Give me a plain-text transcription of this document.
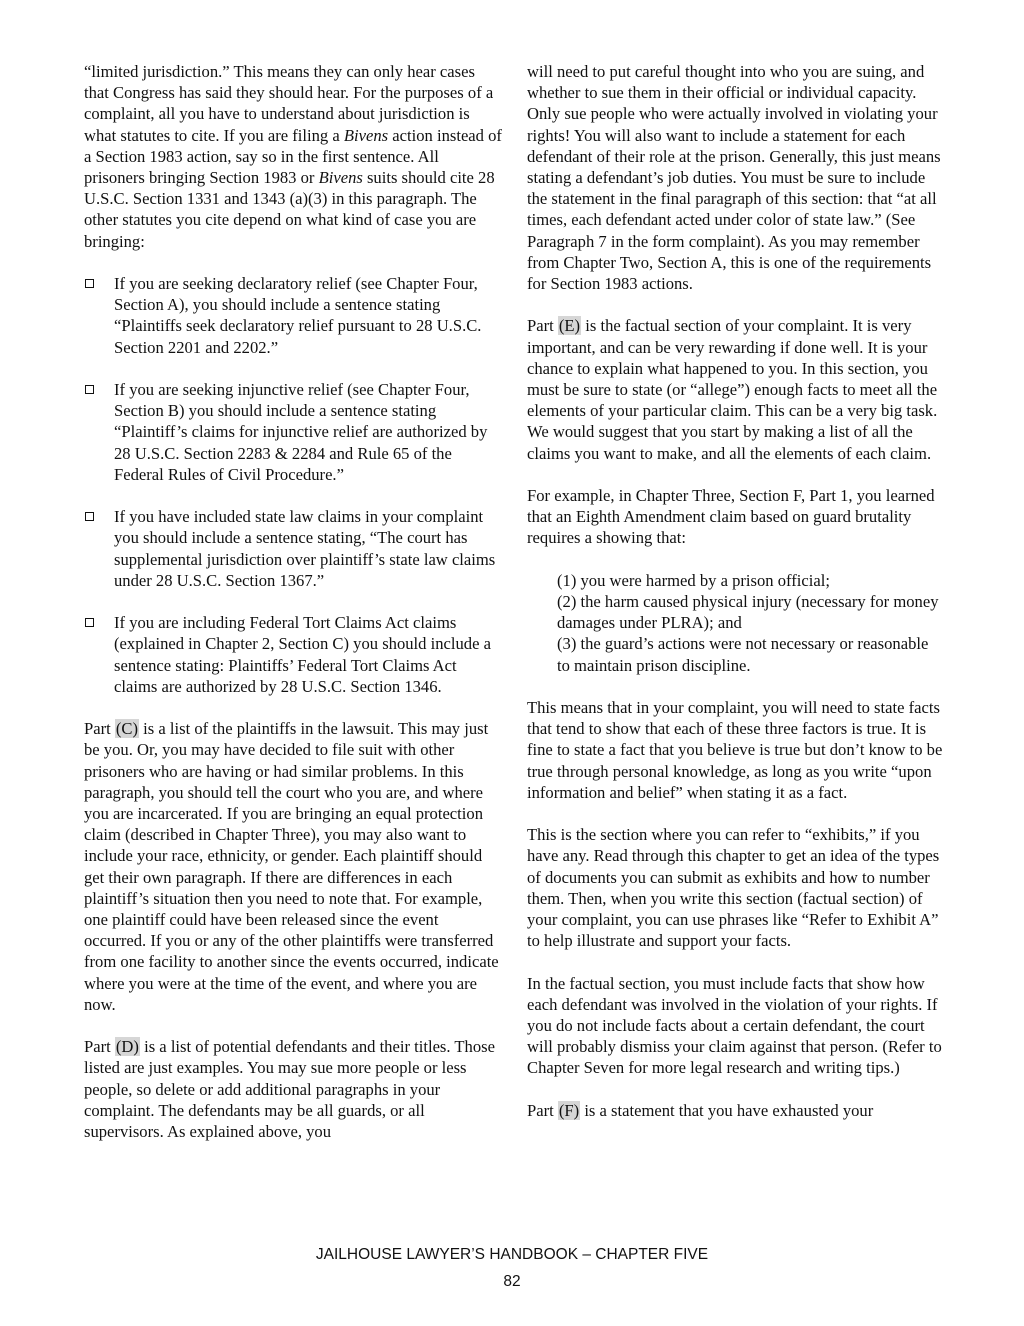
“limited jurisdiction.” This means they can only hear cases that Congress has said they should hear. For the purposes of a complaint, all you have to understand about jurisdiction is what statutes to cite. If you are filing a Bivens action instead of a Section 1983 action, say so in the first sentence. All prisoners bringing Section 1983 or Bivens suits should cite 28 U.S.C. Section 1331 and 1343 (a)(3) in this paragraph. The other statutes you cite depend on what kind of case you are bringing:

If you are seeking declaratory relief (see Chapter Four, Section A), you should include a sentence stating “Plaintiffs seek declaratory relief pursuant to 28 U.S.C. Section 2201 and 2202.”
If you are seeking injunctive relief (see Chapter Four, Section B) you should include a sentence stating “Plaintiff’s claims for injunctive relief are authorized by 28 U.S.C. Section 2283 & 2284 and Rule 65 of the Federal Rules of Civil Procedure.”
If you have included state law claims in your complaint you should include a sentence stating, “The court has supplemental jurisdiction over plaintiff’s state law claims under 28 U.S.C. Section 1367.”
If you are including Federal Tort Claims Act claims (explained in Chapter 2, Section C) you should include a sentence stating: Plaintiffs’ Federal Tort Claims Act claims are authorized by 28 U.S.C. Section 1346.

Part (C) is a list of the plaintiffs in the lawsuit. This may just be you. Or, you may have decided to file suit with other prisoners who are having or had similar problems. In this paragraph, you should tell the court who you are, and where you are incarcerated. If you are bringing an equal protection claim (described in Chapter Three), you may also want to include your race, ethnicity, or gender. Each plaintiff should get their own paragraph. If there are differences in each plaintiff’s situation then you need to note that. For example, one plaintiff could have been released since the event occurred. If you or any of the other plaintiffs were transferred from one facility to another since the events occurred, indicate where you were at the time of the event, and where you are now.

Part (D) is a list of potential defendants and their titles. Those listed are just examples. You may sue more people or less people, so delete or add additional paragraphs in your complaint. The defendants may be all guards, or all supervisors. As explained above, you

will need to put careful thought into who you are suing, and whether to sue them in their official or individual capacity. Only sue people who were actually involved in violating your rights! You will also want to include a statement for each defendant of their role at the prison. Generally, this just means stating a defendant’s job duties. You must be sure to include the statement in the final paragraph of this section: that “at all times, each defendant acted under color of state law.” (See Paragraph 7 in the form complaint). As you may remember from Chapter Two, Section A, this is one of the requirements for Section 1983 actions.

Part (E) is the factual section of your complaint. It is very important, and can be very rewarding if done well. It is your chance to explain what happened to you. In this section, you must be sure to state (or “allege”) enough facts to meet all the elements of your particular claim. This can be a very big task. We would suggest that you start by making a list of all the claims you want to make, and all the elements of each claim.

For example, in Chapter Three, Section F, Part 1, you learned that an Eighth Amendment claim based on guard brutality requires a showing that:

(1) you were harmed by a prison official;
(2) the harm caused physical injury (necessary for money damages under PLRA); and
(3) the guard’s actions were not necessary or reasonable to maintain prison discipline.

This means that in your complaint, you will need to state facts that tend to show that each of these three factors is true. It is fine to state a fact that you believe is true but don’t know to be true through personal knowledge, as long as you write “upon information and belief” when stating it as a fact.

This is the section where you can refer to “exhibits,” if you have any. Read through this chapter to get an idea of the types of documents you can submit as exhibits and how to number them. Then, when you write this section (factual section) of your complaint, you can use phrases like “Refer to Exhibit A” to help illustrate and support your facts.

In the factual section, you must include facts that show how each defendant was involved in the violation of your rights. If you do not include facts about a certain defendant, the court will probably dismiss your claim against that person. (Refer to Chapter Seven for more legal research and writing tips.)

Part (F) is a statement that you have exhausted your

JAILHOUSE LAWYER’S HANDBOOK – CHAPTER FIVE
82
